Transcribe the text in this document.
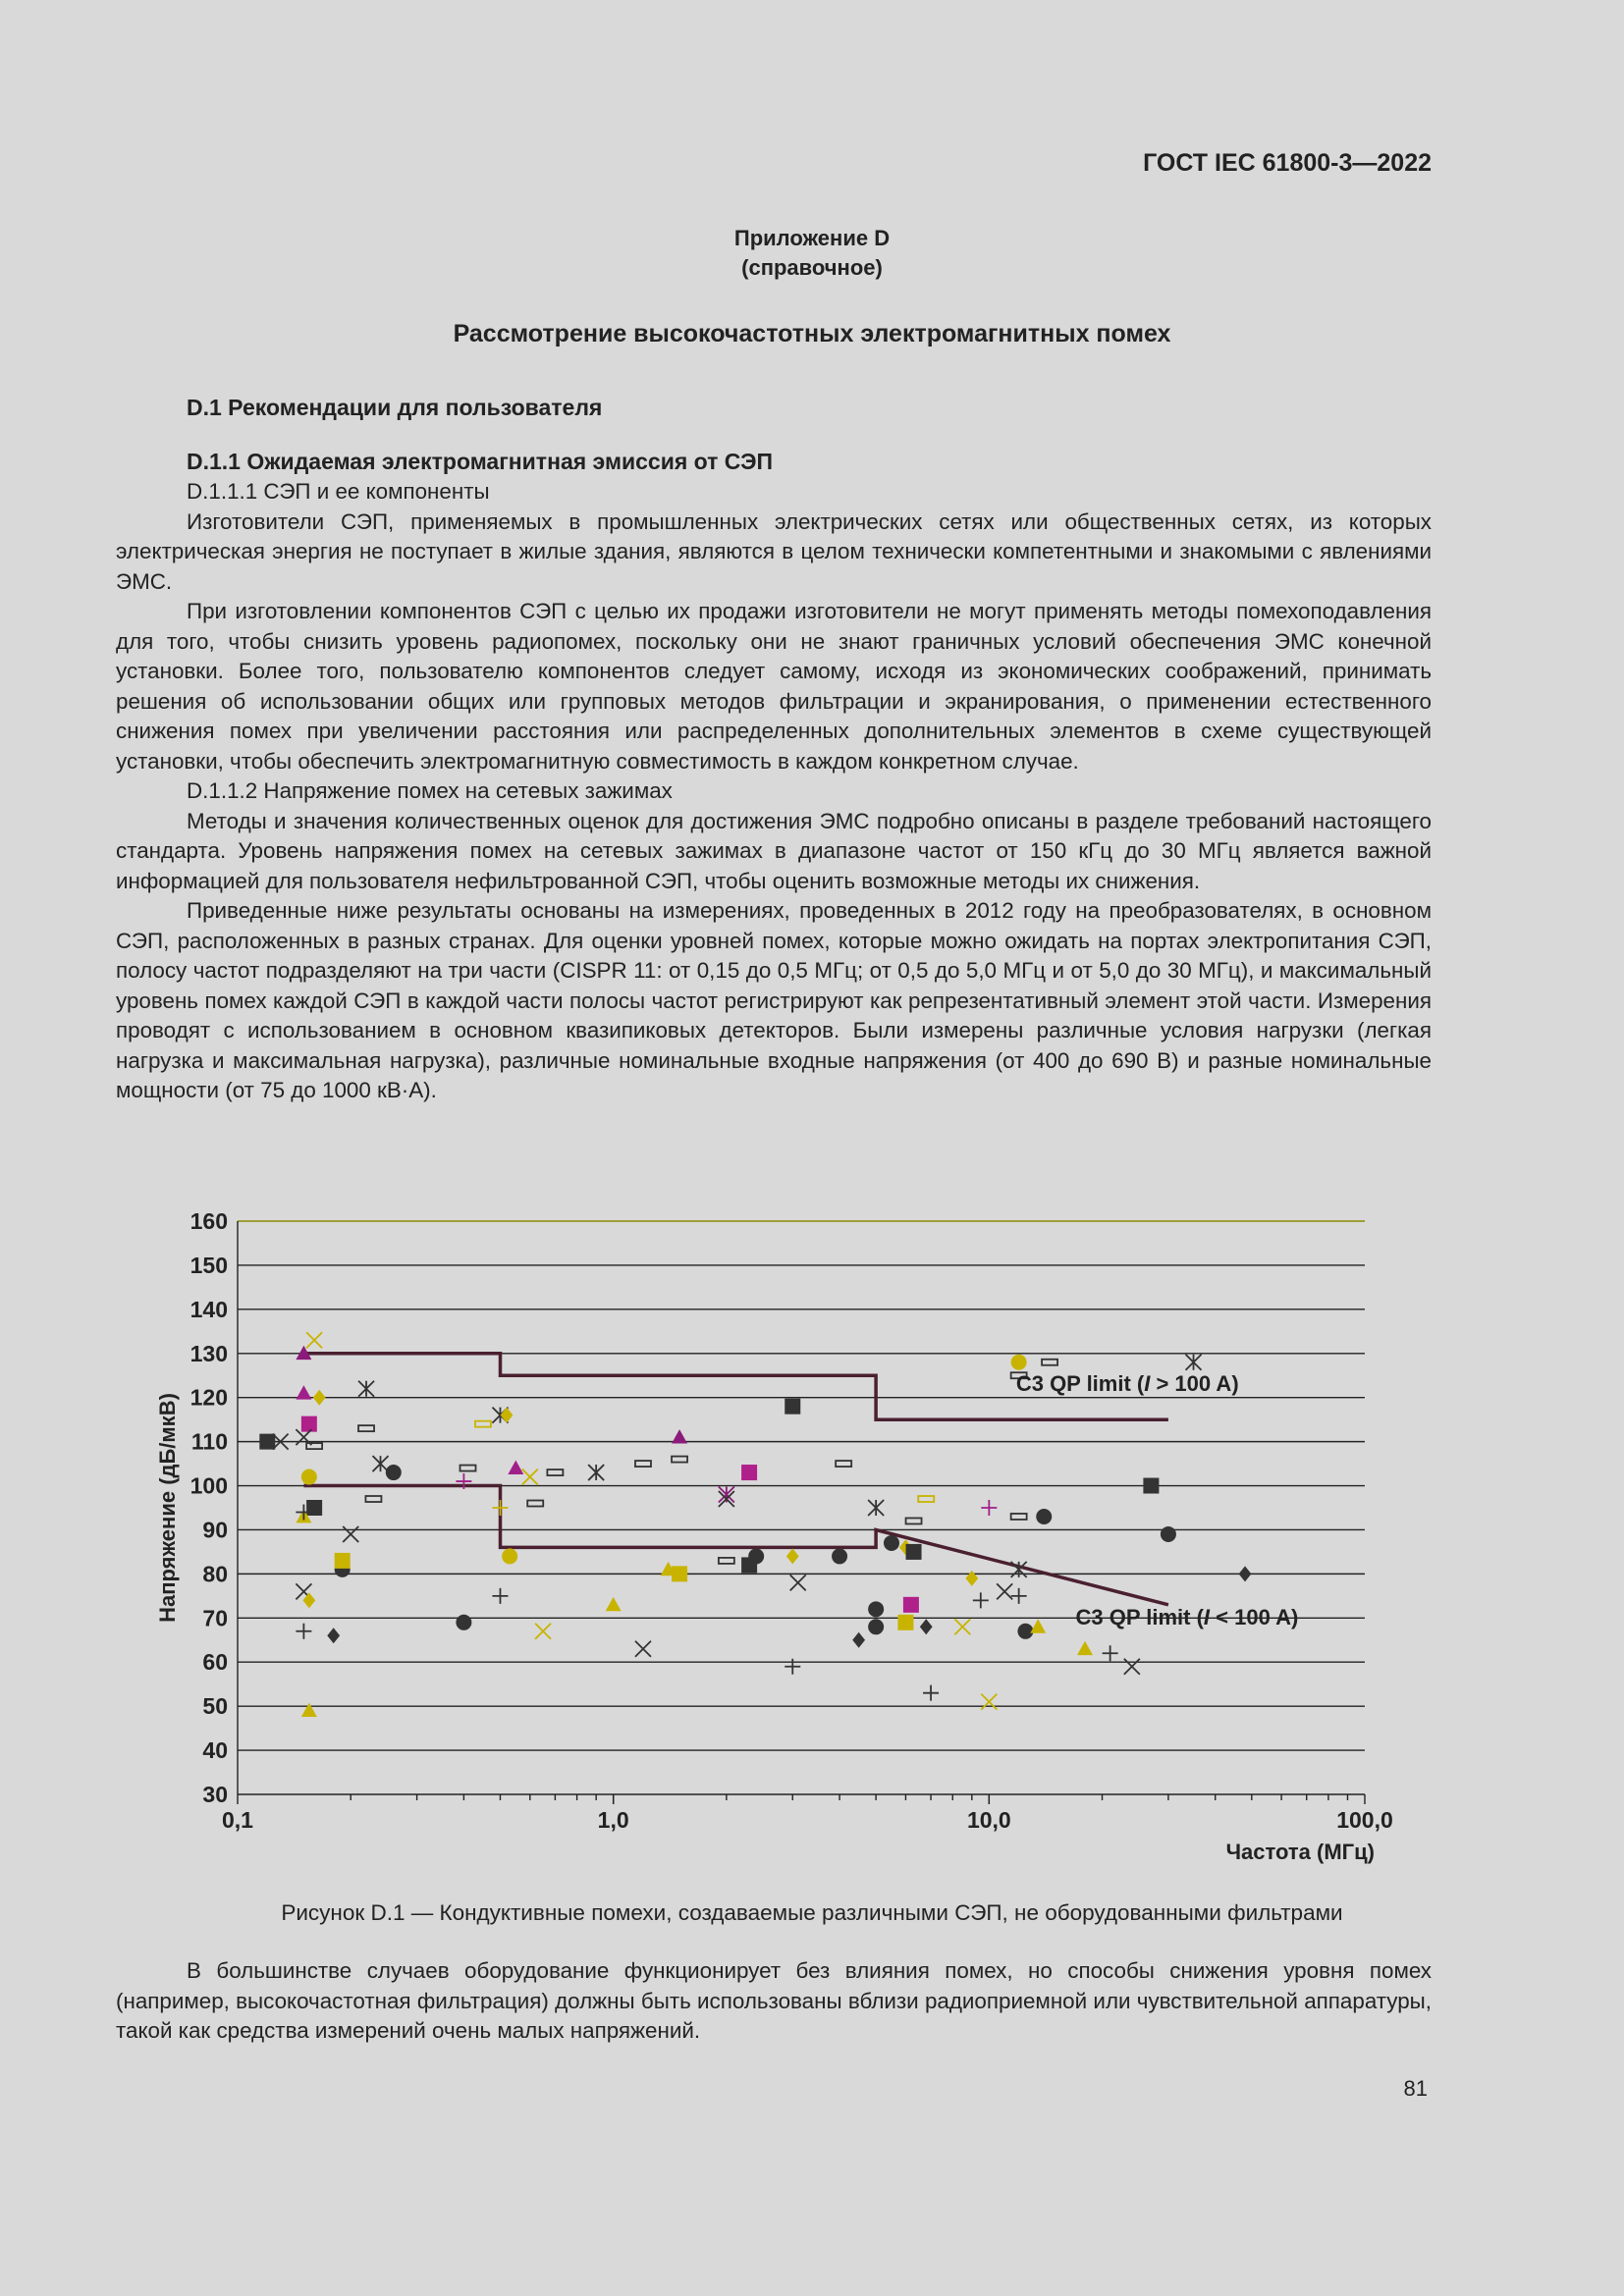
ГОСТ IEC 61800-3—2022
Приложение D
(справочное)
Рассмотрение высокочастотных электромагнитных помех
D.1 Рекомендации для пользователя
D.1.1 Ожидаемая электромагнитная эмиссия от СЭП

D.1.1.1 СЭП и ее компоненты

Изготовители СЭП, применяемых в промышленных электрических сетях или общественных сетях, из которых электрическая энергия не поступает в жилые здания, являются в целом технически компетентными и знакомыми с явлениями ЭМС.

При изготовлении компонентов СЭП с целью их продажи изготовители не могут применять методы помехоподавления для того, чтобы снизить уровень радиопомех, поскольку они не знают граничных условий обеспечения ЭМС конечной установки. Более того, пользователю компонентов следует самому, исходя из экономических соображений, принимать решения об использовании общих или групповых методов фильтрации и экранирования, о применении естественного снижения помех при увеличении расстояния или распределенных дополнительных элементов в схеме существующей установки, чтобы обеспечить электромагнитную совместимость в каждом конкретном случае.

D.1.1.2 Напряжение помех на сетевых зажимах

Методы и значения количественных оценок для достижения ЭМС подробно описаны в разделе требований настоящего стандарта. Уровень напряжения помех на сетевых зажимах в диапазоне частот от 150 кГц до 30 МГц является важной информацией для пользователя нефильтрованной СЭП, чтобы оценить возможные методы их снижения.

Приведенные ниже результаты основаны на измерениях, проведенных в 2012 году на преобразователях, в основном СЭП, расположенных в разных странах. Для оценки уровней помех, которые можно ожидать на портах электропитания СЭП, полосу частот подразделяют на три части (CISPR 11: от 0,15 до 0,5 МГц; от 0,5 до 5,0 МГц и от 5,0 до 30 МГц), и максимальный уровень помех каждой СЭП в каждой части полосы частот регистрируют как репрезентативный элемент этой части. Измерения проводят с использованием в основном квазипиковых детекторов. Были измерены различные условия нагрузки (легкая нагрузка и максимальная нагрузка), различные номинальные входные напряжения (от 400 до 690 В) и разные номинальные мощности (от 75 до 1000 кВ·А).

30
40
50
60
70
80
90
100
110
120
130
140
150
160
0,1	1,0	10,0	100,0
Напряжение (дБ/мкВ)
Частота (МГц)
C3 QP limit (I > 100 A)
C3 QP limit (I < 100 A)
Рисунок D.1 — Кондуктивные помехи, создаваемые различными СЭП, не оборудованными фильтрами

В большинстве случаев оборудование функционирует без влияния помех, но способы снижения уровня помех (например, высокочастотная фильтрация) должны быть использованы вблизи радиоприемной или чувствительной аппаратуры, такой как средства измерений очень малых напряжений.

81
